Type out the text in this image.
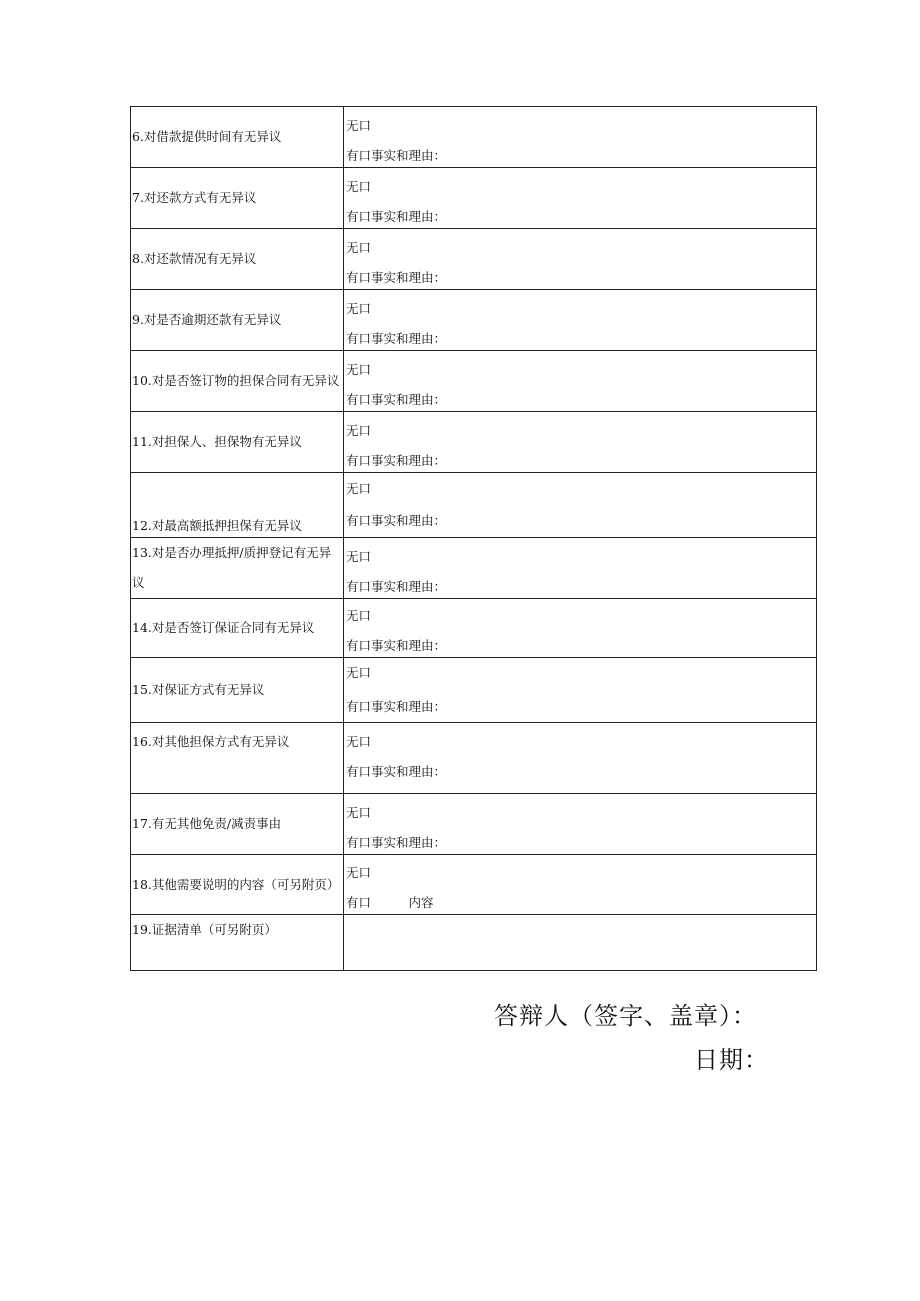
6.对借款提供时间有无异议	无口
有口事实和理由：

7.对还款方式有无异议	无口
有口事实和理由：

8.对还款情况有无异议	无口
有口事实和理由：

9.对是否逾期还款有无异议	无口
有口事实和理由：

10.对是否签订物的担保合同有无异议	无口
有口事实和理由：

11.对担保人、担保物有无异议	无口
有口事实和理由：

12.对最高额抵押担保有无异议	无口
有口事实和理由：

13.对是否办理抵押/质押登记有无异议	无口
有口事实和理由：

14.对是否签订保证合同有无异议	无口
有口事实和理由：

15.对保证方式有无异议	无口
有口事实和理由：

16.对其他担保方式有无异议	无口
有口事实和理由：

17.有无其他免责/减责事由	无口
有口事实和理由：

18.其他需要说明的内容（可另附页）	无口
有口　　　内容

19.证据清单（可另附页）	

答辩人（签字、盖章）：
日期：
